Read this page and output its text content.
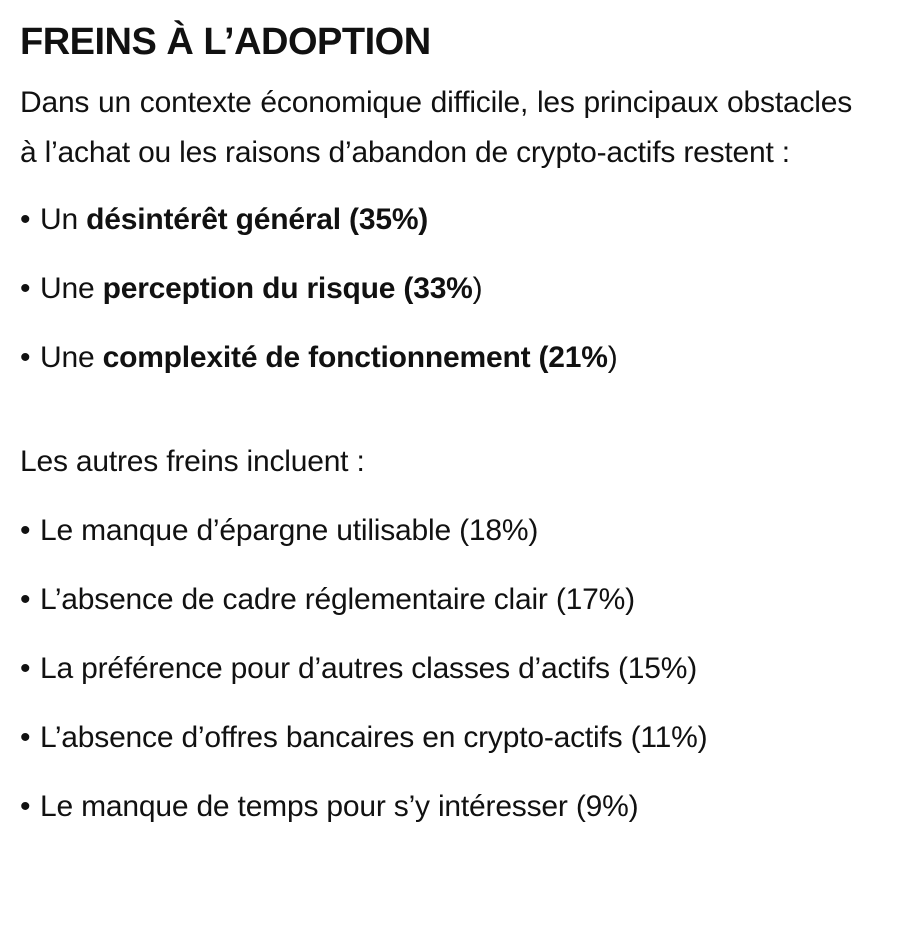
FREINS À L’ADOPTION

Dans un contexte économique difficile, les principaux obstacles à l’achat ou les raisons d’abandon de crypto-actifs restent :

• Un désintérêt général (35%)

• Une perception du risque (33%)

• Une complexité de fonctionnement (21%)

Les autres freins incluent :

• Le manque d’épargne utilisable (18%)

• L’absence de cadre réglementaire clair (17%)

• La préférence pour d’autres classes d’actifs (15%)

• L’absence d’offres bancaires en crypto-actifs (11%)

• Le manque de temps pour s’y intéresser (9%)
